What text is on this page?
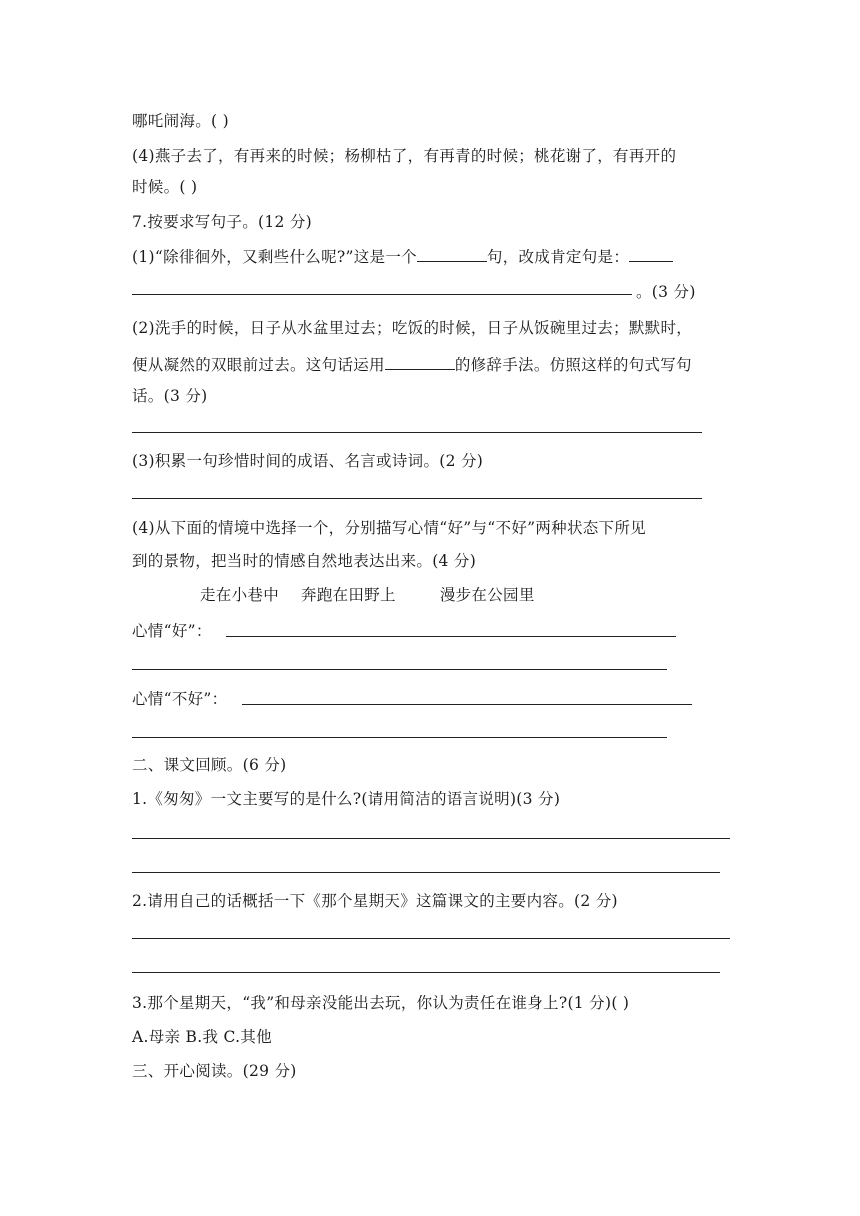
哪吒闹海。( )
(4)燕子去了，有再来的时候；杨柳枯了，有再青的时候；桃花谢了，有再开的
时候。( )
7.按要求写句子。(12 分)
(1)“除徘徊外，又剩些什么呢?”这是一个	句，改成肯定句是：
。(3 分)
(2)洗手的时候，日子从水盆里过去；吃饭的时候，日子从饭碗里过去；默默时，
便从凝然的双眼前过去。这句话运用	的修辞手法。仿照这样的句式写句
话。(3 分)
(3)积累一句珍惜时间的成语、名言或诗词。(2 分)
(4)从下面的情境中选择一个，分别描写心情“好”与“不好”两种状态下所见
到的景物，把当时的情感自然地表达出来。(4 分)
走在小巷中 奔跑在田野上	漫步在公园里
心情“好”：
心情“不好”：
二、课文回顾。(6 分)
1.《匆匆》一文主要写的是什么?(请用简洁的语言说明)(3 分)
2.请用自己的话概括一下《那个星期天》这篇课文的主要内容。(2 分)
3.那个星期天，“我”和母亲没能出去玩，你认为责任在谁身上?(1 分)( )
A.母亲 B.我 C.其他
三、开心阅读。(29 分)
